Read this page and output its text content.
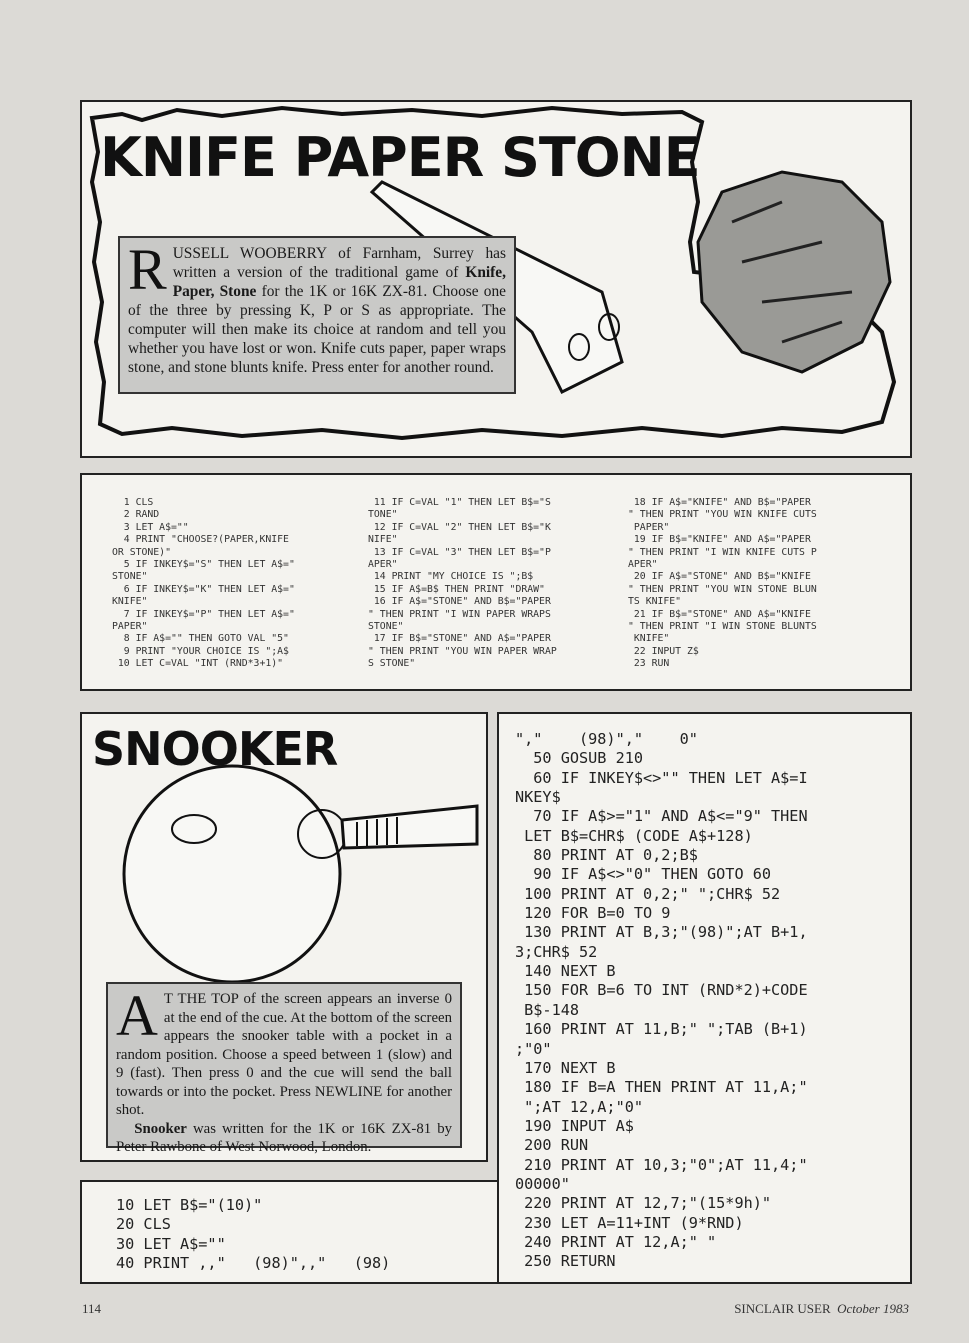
KNIFE PAPER STONE
RUSSELL WOOBERRY of Farnham, Surrey has written a version of the traditional game of Knife, Paper, Stone for the 1K or 16K ZX-81. Choose one of the three by pressing K, P or S as appropriate. The computer will then make its choice at random and tell you whether you have lost or won. Knife cuts paper, paper wraps stone, and stone blunts knife. Press enter for another round.
1 CLS
2 RAND
3 LET A$=""
4 PRINT "CHOOSE?(PAPER,KNIFE
OR STONE)"
5 IF INKEY$="S" THEN LET A$="
STONE"
6 IF INKEY$="K" THEN LET A$="
KNIFE"
7 IF INKEY$="P" THEN LET A$="
PAPER"
8 IF A$="" THEN GOTO VAL "5"
9 PRINT "YOUR CHOICE IS ";A$
10 LET C=VAL "INT (RND*3+1)"
11 IF C=VAL "1" THEN LET B$="S
TONE"
12 IF C=VAL "2" THEN LET B$="K
NIFE"
13 IF C=VAL "3" THEN LET B$="P
APER"
14 PRINT "MY CHOICE IS ";B$
15 IF A$=B$ THEN PRINT "DRAW"
16 IF A$="STONE" AND B$="PAPER
" THEN PRINT "I WIN PAPER WRAPS
STONE"
17 IF B$="STONE" AND A$="PAPER
" THEN PRINT "YOU WIN PAPER WRAP
S STONE"
18 IF A$="KNIFE" AND B$="PAPER
" THEN PRINT "YOU WIN KNIFE CUTS
PAPER"
19 IF B$="KNIFE" AND A$="PAPER
" THEN PRINT "I WIN KNIFE CUTS P
APER"
20 IF A$="STONE" AND B$="KNIFE
" THEN PRINT "YOU WIN STONE BLUN
TS KNIFE"
21 IF B$="STONE" AND A$="KNIFE
" THEN PRINT "I WIN STONE BLUNTS
KNIFE"
22 INPUT Z$
23 RUN
SNOOKER
A T THE TOP of the screen appears an inverse 0 at the end of the cue. At the bottom of the screen appears the snooker table with a pocket in a random position. Choose a speed between 1 (slow) and 9 (fast). Then press 0 and the cue will send the ball towards or into the pocket. Press NEWLINE for another shot.
Snooker was written for the 1K or 16K ZX-81 by Peter Rawbone of West Norwood, London.
10 LET B$="(10)"
20 CLS
30 LET A$=""
40 PRINT ,,"   (98)",,"   (98)
","    (98)","    0"
50 GOSUB 210
60 IF INKEY$<>"" THEN LET A$=I
NKEY$
70 IF A$>="1" AND A$<="9" THEN
LET B$=CHR$ (CODE A$+128)
80 PRINT AT 0,2;B$
90 IF A$<>"0" THEN GOTO 60
100 PRINT AT 0,2;" ";CHR$ 52
120 FOR B=0 TO 9
130 PRINT AT B,3;"(98)";AT B+1,
3;CHR$ 52
140 NEXT B
150 FOR B=6 TO INT (RND*2)+CODE
B$-148
160 PRINT AT 11,B;" ";TAB (B+1)
;"0"
170 NEXT B
180 IF B=A THEN PRINT AT 11,A;"
";AT 12,A;"0"
190 INPUT A$
200 RUN
210 PRINT AT 10,3;"0";AT 11,4;"
00000"
220 PRINT AT 12,7;"(15*9h)"
230 LET A=11+INT (9*RND)
240 PRINT AT 12,A;" "
250 RETURN
114	SINCLAIR USER October 1983
